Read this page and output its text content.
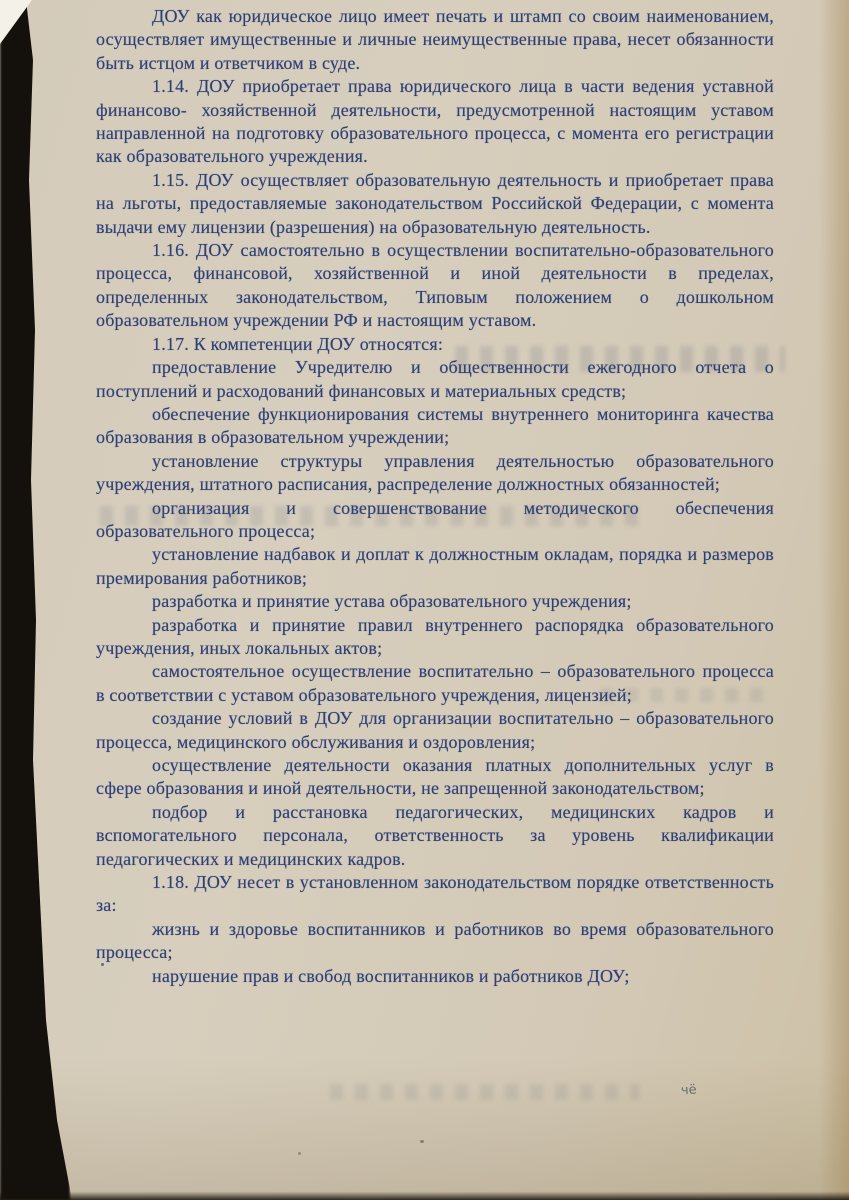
чё

ДОУ как юридическое лицо имеет печать и штамп со своим наименованием, осуществляет имущественные и личные неимущественные права, несет обязанности быть истцом и ответчиком в суде.

1.14. ДОУ приобретает права юридического лица в части ведения уставной финансово- хозяйственной деятельности, предусмотренной настоящим уставом направленной на подготовку образовательного процесса, с момента его регистрации как образовательного учреждения.

1.15. ДОУ осуществляет образовательную деятельность и приобретает права на льготы, предоставляемые законодательством Российской Федерации, с момента выдачи ему лицензии (разрешения) на образовательную деятельность.

1.16. ДОУ самостоятельно в осуществлении воспитательно-образовательного процесса, финансовой, хозяйственной и иной деятельности в пределах, определенных законодательством, Типовым положением о дошкольном образовательном учреждении РФ и настоящим уставом.

1.17. К компетенции ДОУ относятся:

предоставление Учредителю и общественности ежегодного отчета о поступлений и расходований финансовых и материальных средств;

обеспечение функционирования системы внутреннего мониторинга качества образования в образовательном учреждении;

установление структуры управления деятельностью образовательного учреждения, штатного расписания, распределение должностных обязанностей;

организация и совершенствование методического обеспечения образовательного процесса;

установление надбавок и доплат к должностным окладам, порядка и размеров премирования работников;

разработка и принятие устава образовательного учреждения;

разработка и принятие правил внутреннего распорядка образовательного учреждения, иных локальных актов;

самостоятельное осуществление воспитательно – образовательного процесса в соответствии с уставом образовательного учреждения, лицензией;

создание условий в ДОУ для организации воспитательно – образовательного процесса, медицинского обслуживания и оздоровления;

осуществление деятельности оказания платных дополнительных услуг в сфере образования и иной деятельности, не запрещенной законодательством;

подбор и расстановка педагогических, медицинских кадров и вспомогательного персонала, ответственность за уровень квалификации педагогических и медицинских кадров.

1.18. ДОУ несет в установленном законодательством порядке ответственность за:

жизнь и здоровье воспитанников и работников во время образовательного процесса;

нарушение прав и свобод воспитанников и работников ДОУ;
